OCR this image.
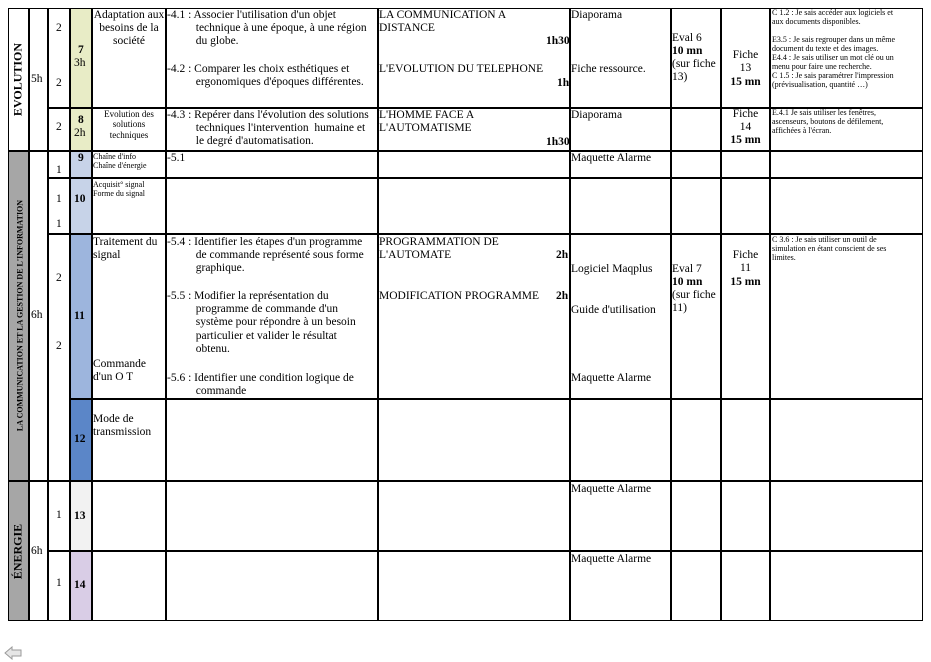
EVOLUTION
LA COMMUNICATION ET LA GESTION DE L'INFORMATION
ÉNERGIE
5h
6h
6h
2
2
2
1
1
1
2
2
1
1
7
3h
8
2h
9
10
11
12
13
14
Adaptation aux
besoins de la
société
Evolution des
solutions
techniques
Chaîne d'info
Chaîne d'énergie
Acquisit° signal
Forme du signal
Traitement du
signal
Commande
d'un O T
Mode de
transmission
-4.1 : Associer l'utilisation d'un objet
technique à une époque, à une région
du globe.
-4.2 : Comparer les choix esthétiques et
ergonomiques d'époques différentes.
-4.3 : Repérer dans l'évolution des solutions
techniques l'intervention  humaine et
le degré d'automatisation.
-5.1
-5.4 : Identifier les étapes d'un programme
de commande représenté sous forme
graphique.
-5.5 : Modifier la représentation du
programme de commande d'un
système pour répondre à un besoin
particulier et valider le résultat
obtenu.
-5.6 : Identifier une condition logique de
commande
LA COMMUNICATION A
DISTANCE
1h30
L'EVOLUTION DU TELEPHONE
1h
L'HOMME FACE A
L'AUTOMATISME
1h30
PROGRAMMATION DE
L'AUTOMATE	2h
MODIFICATION PROGRAMME 2h
Diaporama
Fiche ressource.
Diaporama
Maquette Alarme
Logiciel Maqplus
Guide d'utilisation
Maquette Alarme
Maquette Alarme
Maquette Alarme
Eval 6
10 mn
(sur fiche
13)
Eval 7
10 mn
(sur fiche
11)
Fiche
13
15 mn
Fiche
14
15 mn
Fiche
11
15 mn
C 1.2 : Je sais accéder aux logiciels et
aux documents disponibles.

E3.5 : Je sais regrouper dans un même
document du texte et des images.
E4.4 : Je sais utiliser un mot clé ou un
menu pour faire une recherche.
C 1.5 : Je sais paramétrer l'impression
(prévisualisation, quantité …)
E.4.1 Je sais utiliser les fenêtres,
ascenseurs, boutons de défilement,
affichées à l'écran.
C 3.6 : Je sais utiliser un outil de
simulation en étant conscient de ses
limites.
